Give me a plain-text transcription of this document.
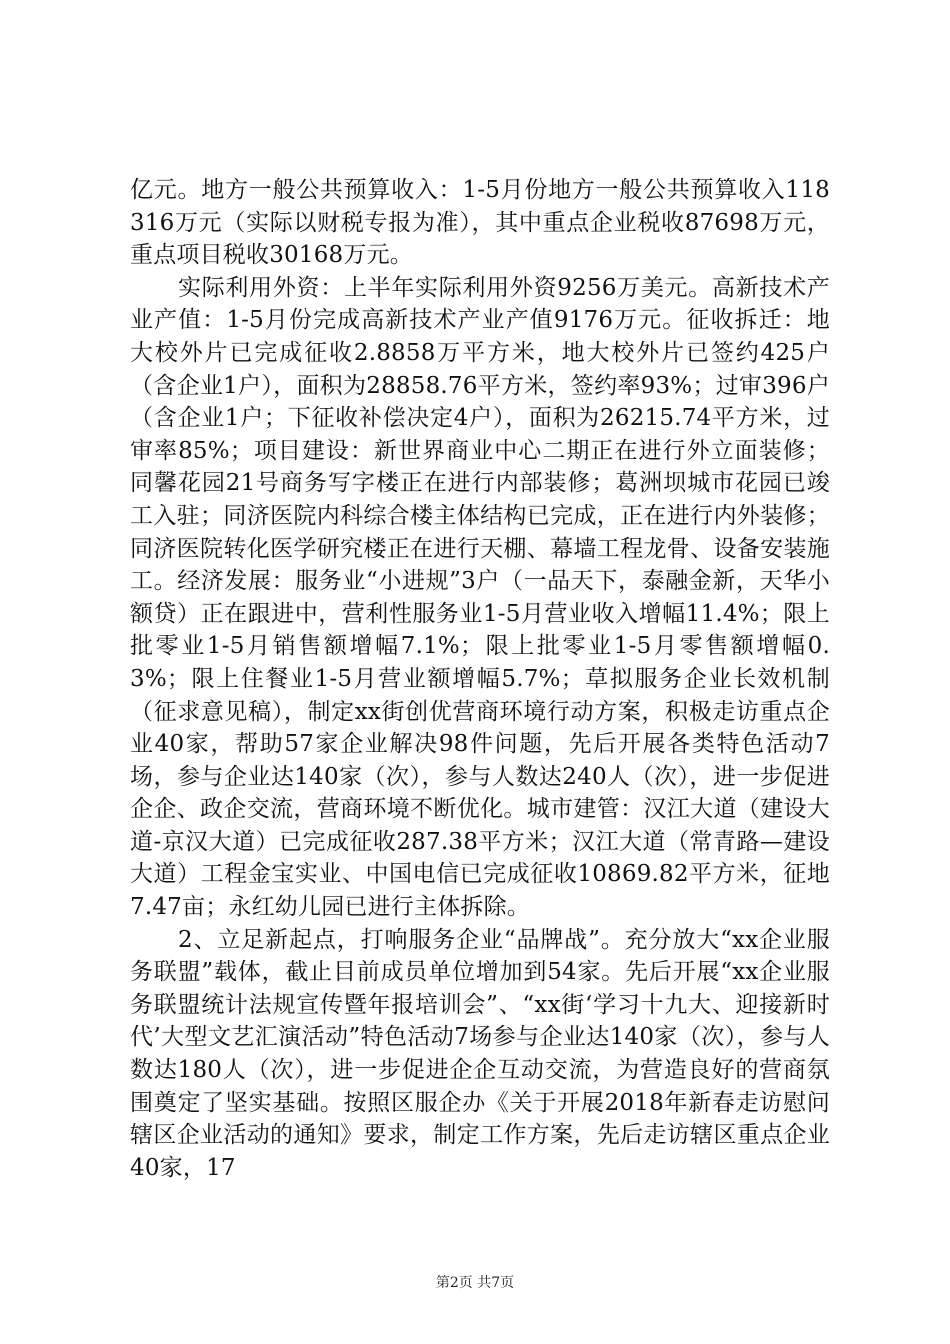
亿元。地方一般公共预算收入：1-5月份地方一般公共预算收入118316万元（实际以财税专报为准），其中重点企业税收87698万元，重点项目税收30168万元。

实际利用外资：上半年实际利用外资9256万美元。高新技术产业产值：1-5月份完成高新技术产业产值9176万元。征收拆迁：地大校外片已完成征收2.8858万平方米，地大校外片已签约425户（含企业1户），面积为28858.76平方米，签约率93%；过审396户（含企业1户；下征收补偿决定4户），面积为26215.74平方米，过审率85%；项目建设：新世界商业中心二期正在进行外立面装修；同馨花园21号商务写字楼正在进行内部装修；葛洲坝城市花园已竣工入驻；同济医院内科综合楼主体结构已完成，正在进行内外装修；同济医院转化医学研究楼正在进行天棚、幕墙工程龙骨、设备安装施工。经济发展：服务业“小进规”3户（一品天下，泰融金新，天华小额贷）正在跟进中，营利性服务业1-5月营业收入增幅11.4%；限上批零业1-5月销售额增幅7.1%；限上批零业1-5月零售额增幅0.3%；限上住餐业1-5月营业额增幅5.7%；草拟服务企业长效机制（征求意见稿），制定xx街创优营商环境行动方案，积极走访重点企业40家，帮助57家企业解决98件问题，先后开展各类特色活动7场，参与企业达140家（次），参与人数达240人（次），进一步促进企企、政企交流，营商环境不断优化。城市建管：汉江大道（建设大道-京汉大道）已完成征收287.38平方米；汉江大道（常青路—建设大道）工程金宝实业、中国电信已完成征收10869.82平方米，征地7.47亩；永红幼儿园已进行主体拆除。

2、立足新起点，打响服务企业“品牌战”。充分放大“xx企业服务联盟”载体，截止目前成员单位增加到54家。先后开展“xx企业服务联盟统计法规宣传暨年报培训会”、“xx街‘学习十九大、迎接新时代’大型文艺汇演活动”特色活动7场参与企业达140家（次），参与人数达180人（次），进一步促进企企互动交流，为营造良好的营商氛围奠定了坚实基础。按照区服企办《关于开展2018年新春走访慰问辖区企业活动的通知》要求，制定工作方案，先后走访辖区重点企业40家，17

第2页 共7页
